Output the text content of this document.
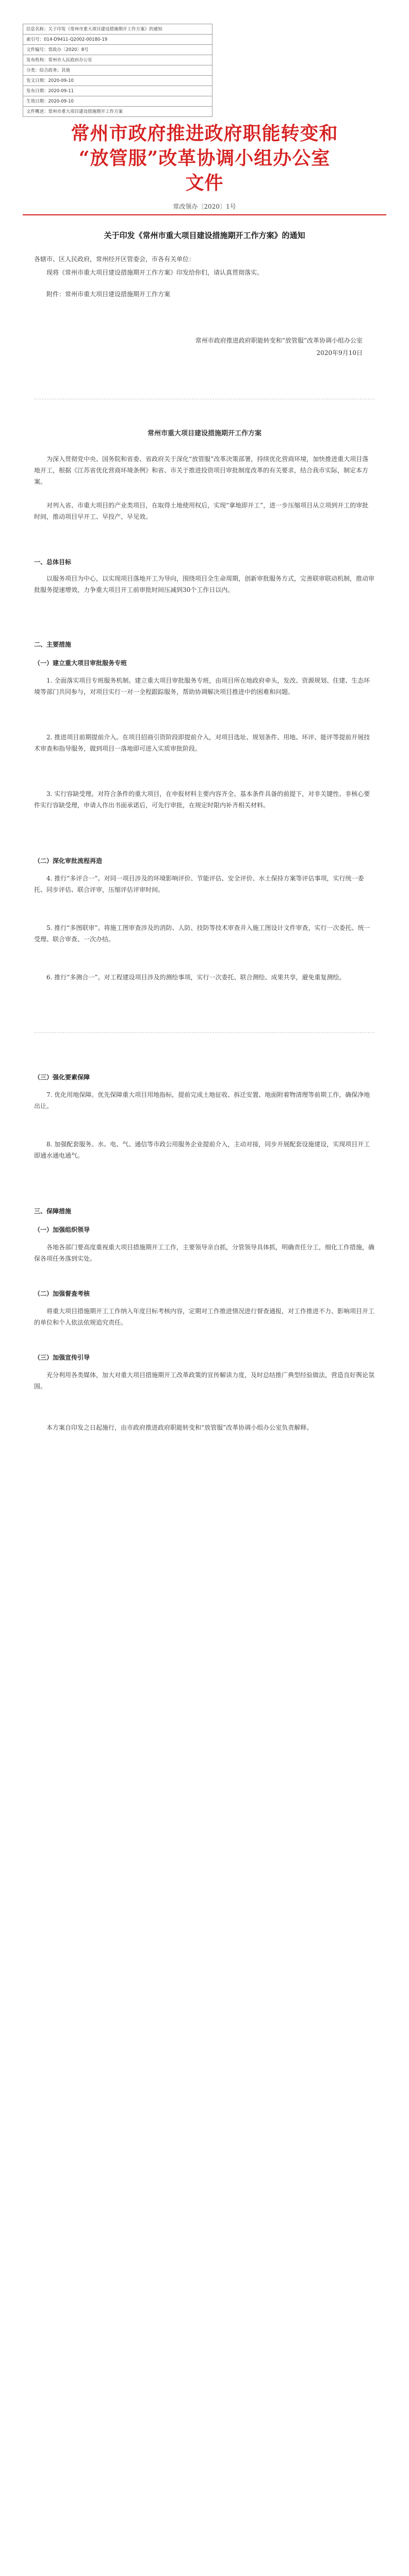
信息名称：关于印发《常州市重大项目建设措施期开工作方案》的通知
索引号：014-D9411-Q2002-00180-19
文件编号：常政办〔2020〕8号
发布机构：常州市人民政府办公室
分类：综合政务；其他
发文日期：2020-09-10
发布日期：2020-09-11
生效日期：2020-09-10
文件概述：常州市重大项目建设措施期开工作方案
常州市政府推进政府职能转变和
“放管服”改革协调小组办公室
文件
常改领办〔2020〕1号
关于印发《常州市重大项目建设措施期开工作方案》的通知
各辖市、区人民政府，常州经开区管委会，市各有关单位：
现将《常州市重大项目建设措施期开工作方案》印发给你们，请认真贯彻落实。
附件：常州市重大项目建设措施期开工作方案
常州市政府推进政府职能转变和“放管服”改革协调小组办公室
2020年9月10日
常州市重大项目建设措施期开工作方案
为深入贯彻党中央、国务院和省委、省政府关于深化“放管服”改革决策部署，持续优化营商环境，加快推进重大项目落地开工，根据《江苏省优化营商环境条例》和省、市关于推进投资项目审批制度改革的有关要求，结合我市实际，制定本方案。
对列入省、市重大项目的产业类项目，在取得土地使用权后，实现“拿地即开工”，进一步压缩项目从立项到开工的审批时间，推动项目早开工、早投产、早见效。
一、总体目标
以服务项目为中心，以实现项目落地开工为导向，围绕项目全生命周期，创新审批服务方式，完善联审联动机制，推动审批服务提速增效，力争重大项目开工前审批时间压减到30个工作日以内。
二、主要措施
（一）建立重大项目审批服务专班
1. 全面落实项目专班服务机制。建立重大项目审批服务专班，由项目所在地政府牵头，发改、资源规划、住建、生态环境等部门共同参与，对项目实行一对一全程跟踪服务，帮助协调解决项目推进中的困难和问题。
2. 推进项目前期提前介入。在项目招商引资阶段即提前介入，对项目选址、规划条件、用地、环评、能评等提前开展技术审查和指导服务，做到项目一落地即可进入实质审批阶段。
3. 实行容缺受理。对符合条件的重大项目，在申报材料主要内容齐全、基本条件具备的前提下，对非关键性、非核心要件实行容缺受理，申请人作出书面承诺后，可先行审批，在规定时限内补齐相关材料。
（二）深化审批流程再造
4. 推行“多评合一”。对同一项目涉及的环境影响评价、节能评估、安全评价、水土保持方案等评估事项，实行统一委托、同步评估、联合评审，压缩评估评审时间。
5. 推行“多图联审”。将施工图审查涉及的消防、人防、技防等技术审查并入施工图设计文件审查，实行一次委托、统一受理、联合审查、一次办结。
6. 推行“多测合一”。对工程建设项目涉及的测绘事项，实行一次委托、联合测绘、成果共享，避免重复测绘。
（三）强化要素保障
7. 优化用地保障。优先保障重大项目用地指标，提前完成土地征收、拆迁安置、地面附着物清理等前期工作，确保净地出让。
8. 加强配套服务。水、电、气、通信等市政公用服务企业提前介入，主动对接，同步开展配套设施建设，实现项目开工即通水通电通气。
三、保障措施
（一）加强组织领导
各地各部门要高度重视重大项目措施期开工工作，主要领导亲自抓，分管领导具体抓，明确责任分工，细化工作措施，确保各项任务落到实处。
（二）加强督查考核
将重大项目措施期开工工作纳入年度目标考核内容，定期对工作推进情况进行督查通报，对工作推进不力、影响项目开工的单位和个人依法依规追究责任。
（三）加强宣传引导
充分利用各类媒体，加大对重大项目措施期开工改革政策的宣传解读力度，及时总结推广典型经验做法，营造良好舆论氛围。
本方案自印发之日起施行，由市政府推进政府职能转变和“放管服”改革协调小组办公室负责解释。
